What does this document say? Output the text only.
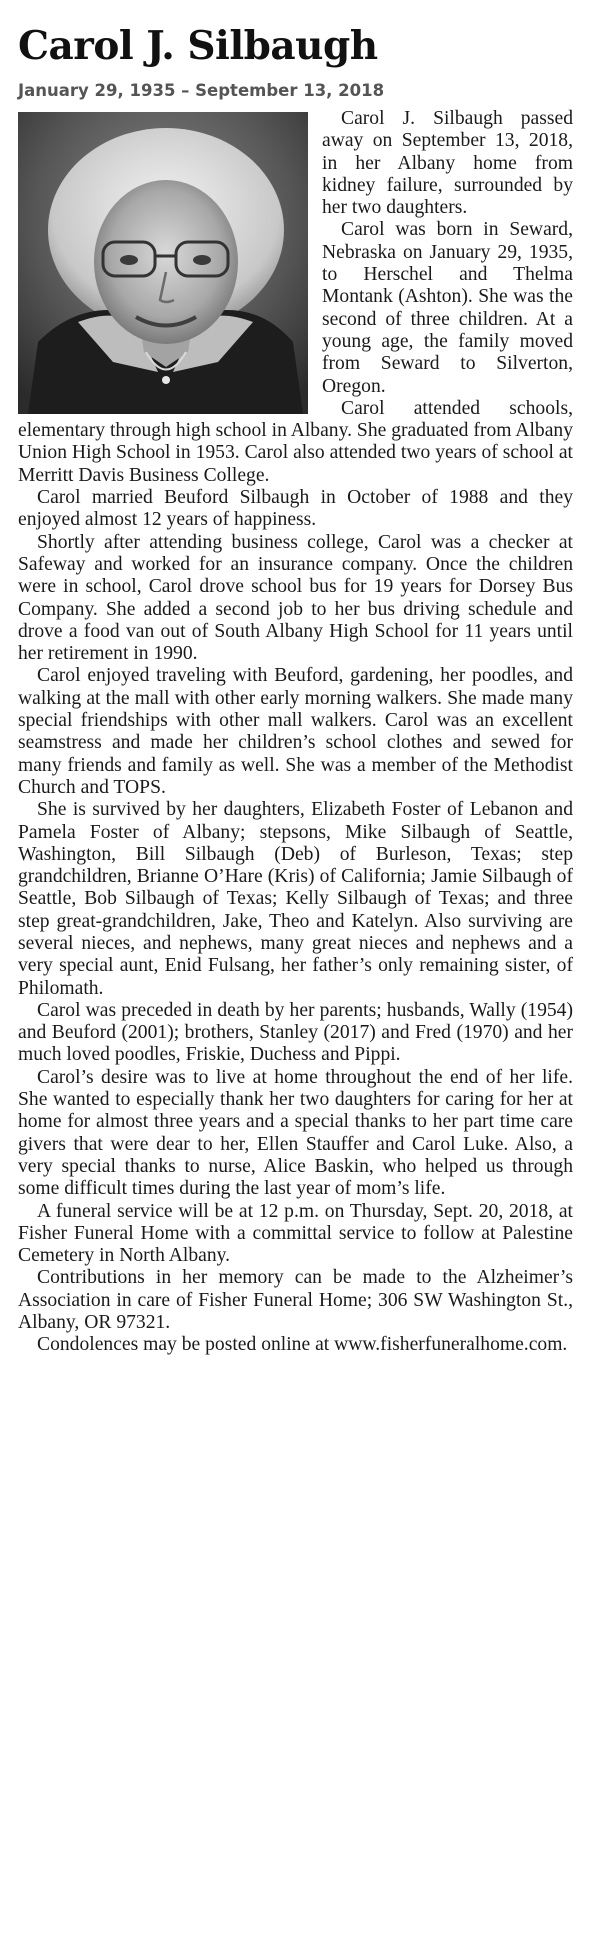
Carol J. Silbaugh
January 29, 1935 – September 13, 2018

Carol J. Silbaugh passed away on September 13, 2018, in her Albany home from kidney failure, surrounded by her two daughters.

Carol was born in Seward, Nebraska on January 29, 1935, to Herschel and Thelma Montank (Ashton). She was the second of three children. At a young age, the family moved from Seward to Silverton, Oregon.

Carol attended schools, elementary through high school in Albany. She graduated from Albany Union High School in 1953. Carol also attended two years of school at Merritt Davis Business College.

Carol married Beuford Silbaugh in October of 1988 and they enjoyed almost 12 years of happiness.

Shortly after attending business college, Carol was a checker at Safeway and worked for an insurance company. Once the children were in school, Carol drove school bus for 19 years for Dorsey Bus Company. She added a second job to her bus driving schedule and drove a food van out of South Albany High School for 11 years until her retirement in 1990.

Carol enjoyed traveling with Beuford, gardening, her poodles, and walking at the mall with other early morning walkers. She made many special friendships with other mall walkers. Carol was an excellent seamstress and made her children’s school clothes and sewed for many friends and family as well. She was a member of the Methodist Church and TOPS.

She is survived by her daughters, Elizabeth Foster of Lebanon and Pamela Foster of Albany; stepsons, Mike Silbaugh of Seattle, Washington, Bill Silbaugh (Deb) of Burleson, Texas; step grandchildren, Brianne O’Hare (Kris) of California; Jamie Silbaugh of Seattle, Bob Silbaugh of Texas; Kelly Silbaugh of Texas; and three step great-grandchildren, Jake, Theo and Katelyn. Also surviving are several nieces, and nephews, many great nieces and nephews and a very special aunt, Enid Fulsang, her father’s only remaining sister, of Philomath.

Carol was preceded in death by her parents; husbands, Wally (1954) and Beuford (2001); brothers, Stanley (2017) and Fred (1970) and her much loved poodles, Friskie, Duchess and Pippi.

Carol’s desire was to live at home throughout the end of her life. She wanted to especially thank her two daughters for caring for her at home for almost three years and a special thanks to her part time care givers that were dear to her, Ellen Stauffer and Carol Luke. Also, a very special thanks to nurse, Alice Baskin, who helped us through some difficult times during the last year of mom’s life.

A funeral service will be at 12 p.m. on Thursday, Sept. 20, 2018, at Fisher Funeral Home with a committal service to follow at Palestine Cemetery in North Albany.

Contributions in her memory can be made to the Alzheimer’s Association in care of Fisher Funeral Home; 306 SW Washington St., Albany, OR 97321.

Condolences may be posted online at www.fisherfuneralhome.com.
